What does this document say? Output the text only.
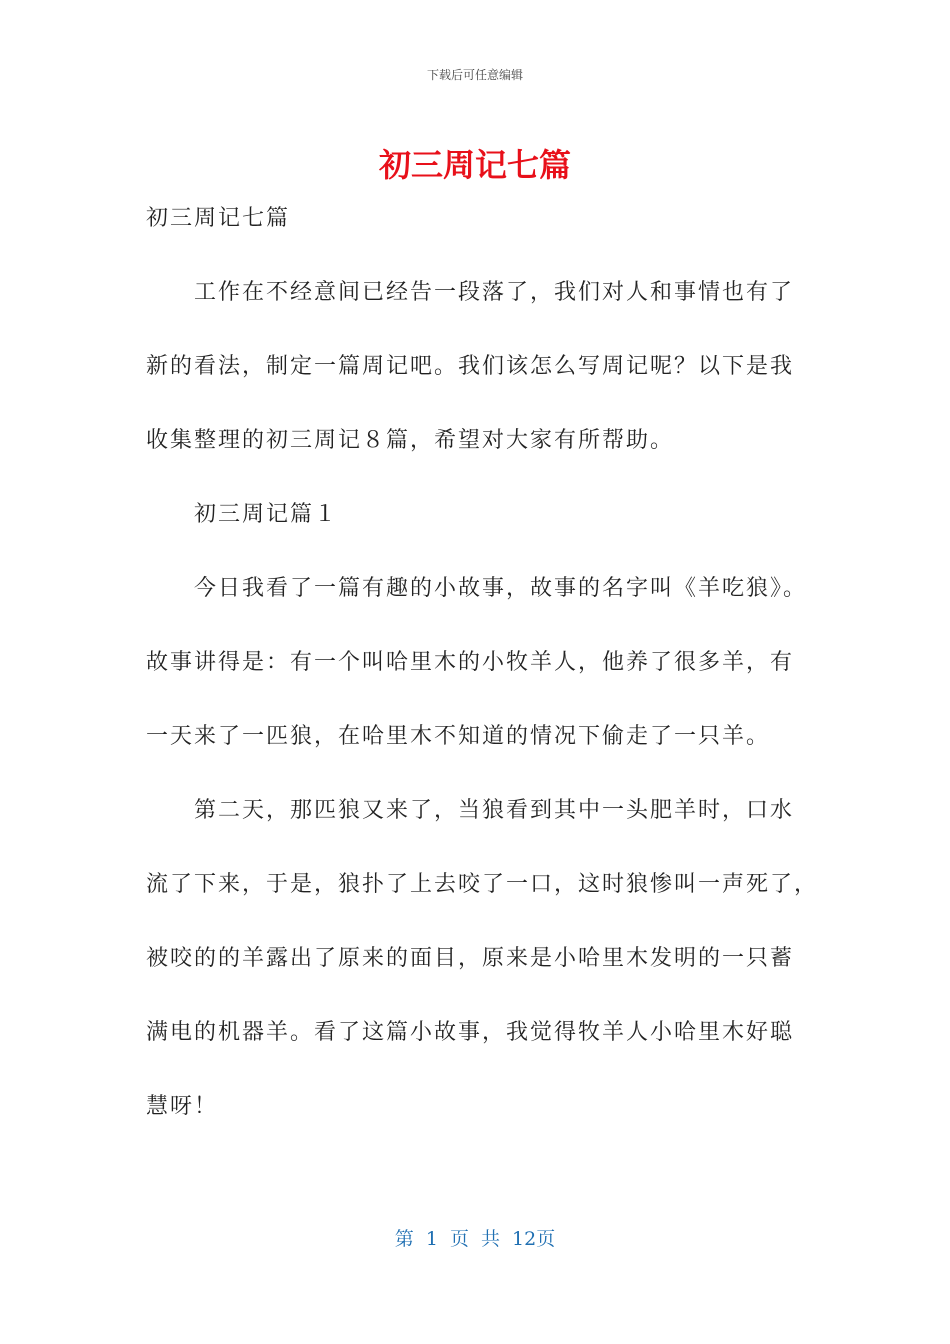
下载后可任意编辑
初三周记七篇
初三周记七篇
工作在不经意间已经告一段落了，我们对人和事情也有了
新的看法，制定一篇周记吧。我们该怎么写周记呢？以下是我
收集整理的初三周记８篇，希望对大家有所帮助。
初三周记篇１
今日我看了一篇有趣的小故事，故事的名字叫《羊吃狼》。
故事讲得是：有一个叫哈里木的小牧羊人，他养了很多羊，有
一天来了一匹狼，在哈里木不知道的情况下偷走了一只羊。
第二天，那匹狼又来了，当狼看到其中一头肥羊时，口水
流了下来，于是，狼扑了上去咬了一口，这时狼惨叫一声死了，
被咬的的羊露出了原来的面目，原来是小哈里木发明的一只蓄
满电的机器羊。看了这篇小故事，我觉得牧羊人小哈里木好聪
慧呀！
第 1 页 共 12页
